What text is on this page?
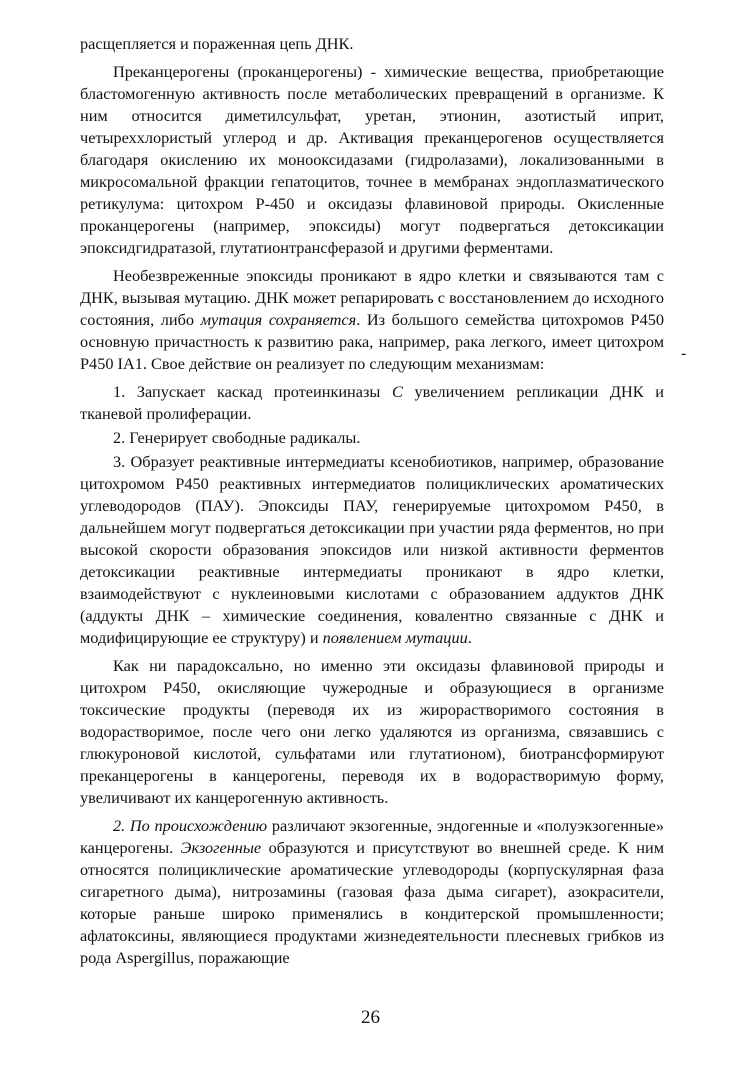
расщепляется и пораженная цепь ДНК.

Преканцерогены (проканцерогены) - химические вещества, приобретающие бластомогенную активность после метаболических превращений в организме. К ним относится диметилсульфат, уретан, этионин, азотистый иприт, четыреххлористый углерод и др. Активация преканцерогенов осуществляется благодаря окислению их монооксидазами (гидролазами), локализованными в микросомальной фракции гепатоцитов, точнее в мембранах эндоплазматического ретикулума: цитохром Р-450 и оксидазы флавиновой природы. Окисленные проканцерогены (например, эпоксиды) могут подвергаться детоксикации эпоксидгидратазой, глутатионтрансферазой и другими ферментами.

Необезвреженные эпоксиды проникают в ядро клетки и связываются там с ДНК, вызывая мутацию. ДНК может репарировать с восстановлением до исходного состояния, либо мутация сохраняется. Из большого семейства цитохромов Р450 основную причастность к развитию рака, например, рака легкого, имеет цитохром Р450 IA1. Свое действие он реализует по следующим механизмам:

1. Запускает каскад протеинкиназы С увеличением репликации ДНК и тканевой пролиферации.

2. Генерирует свободные радикалы.

3. Образует реактивные интермедиаты ксенобиотиков, например, образование цитохромом Р450 реактивных интермедиатов полициклических ароматических углеводородов (ПАУ). Эпоксиды ПАУ, генерируемые цитохромом Р450, в дальнейшем могут подвергаться детоксикации при участии ряда ферментов, но при высокой скорости образования эпоксидов или низкой активности ферментов детоксикации реактивные интермедиаты проникают в ядро клетки, взаимодействуют с нуклеиновыми кислотами с образованием аддуктов ДНК (аддукты ДНК – химические соединения, ковалентно связанные с ДНК и модифицирующие ее структуру) и появлением мутации.

Как ни парадоксально, но именно эти оксидазы флавиновой природы и цитохром Р450, окисляющие чужеродные и образующиеся в организме токсические продукты (переводя их из жирорастворимого состояния в водорастворимое, после чего они легко удаляются из организма, связавшись с глюкуроновой кислотой, сульфатами или глутатионом), биотрансформируют преканцерогены в канцерогены, переводя их в водорастворимую форму, увеличивают их канцерогенную активность.

2. По происхождению различают экзогенные, эндогенные и «полуэкзогенные» канцерогены. Экзогенные образуются и присутствуют во внешней среде. К ним относятся полициклические ароматические углеводороды (корпускулярная фаза сигаретного дыма), нитрозамины (газовая фаза дыма сигарет), азокрасители, которые раньше широко применялись в кондитерской промышленности; афлатоксины, являющиеся продуктами жизнедеятельности плесневых грибков из рода Aspergillus, поражающие

-
26
